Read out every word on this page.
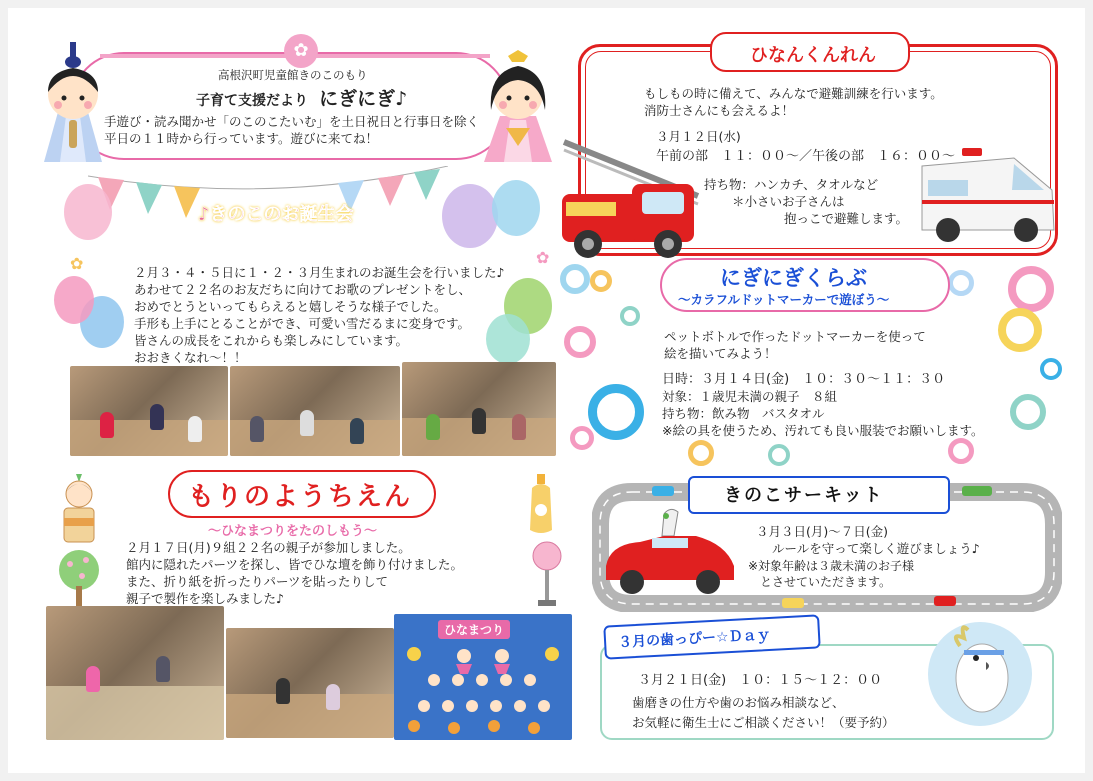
✿
高根沢町児童館きのこのもり
子育て支援だより にぎにぎ♪
手遊び・読み聞かせ「のこのこたいむ」を土日祝日と行事日を除く
平日の１１時から行っています。遊びに来てね！
✿	✿
♪きのこのお誕生会
２月３・４・５日に１・２・３月生まれのお誕生会を行いました♪
あわせて２２名のお友だちに向けてお歌のプレゼントをし、
おめでとうといってもらえると嬉しそうな様子でした。
手形も上手にとることができ、可愛い雪だるまに変身です。
皆さんの成長をこれからも楽しみにしています。
おおきくなれ〜！！
もりのようちえん
〜ひなまつりをたのしもう〜
２月１７日(月)９組２２名の親子が参加しました。
館内に隠れたパーツを探し、皆でひな壇を飾り付けました。
また、折り紙を折ったりパーツを貼ったりして
親子で製作を楽しみました♪
ひなまつり
ひなんくんれん
もしもの時に備えて、みんなで避難訓練を行います。
消防士さんにも会えるよ！
３月１２日(水)
午前の部　１１：００〜／午後の部　１６：００〜
持ち物：ハンカチ、タオルなど
＊小さいお子さんは
抱っこで避難します。
にぎにぎくらぶ
〜カラフルドットマーカーで遊ぼう〜
ペットボトルで作ったドットマーカーを使って
絵を描いてみよう！
日時：３月１４日(金)　１０：３０〜１１：３０
対象：１歳児未満の親子　８組
持ち物：飲み物　バスタオル
※絵の具を使うため、汚れても良い服装でお願いします。
きのこサーキット
３月３日(月)〜７日(金)
ルールを守って楽しく遊びましょう♪
※対象年齢は３歳未満のお子様
とさせていただきます。
３月の歯っぴー☆Ｄａｙ
３月２１日(金)　１０：１５〜１２：００
歯磨きの仕方や歯のお悩み相談など、
お気軽に衛生士にご相談ください！（要予約）
